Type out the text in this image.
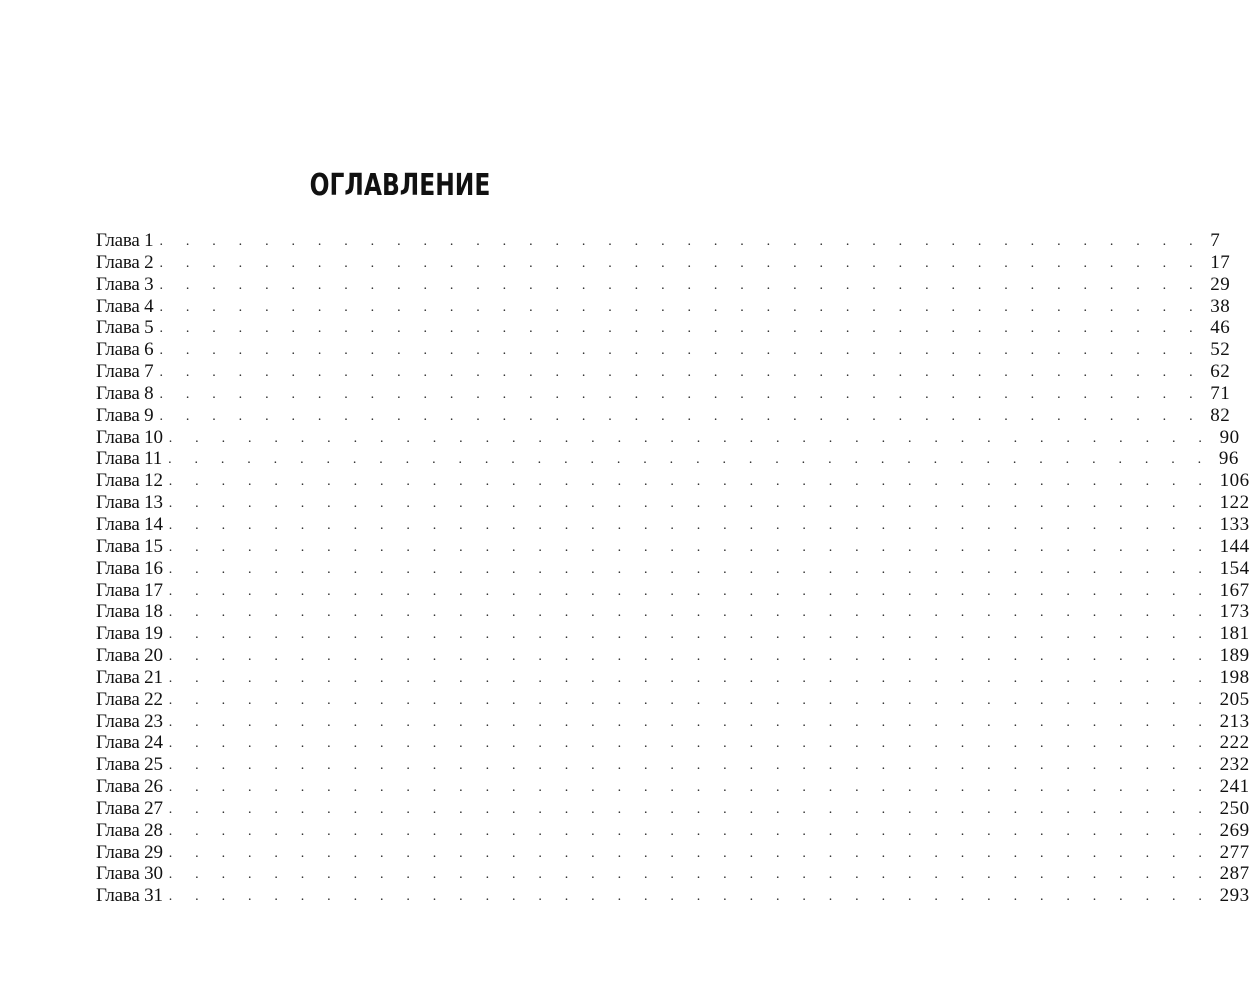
ОГЛАВЛЕНИЕ
Глава 1 . . . . . . . . . . . . . . . . . . . . . . . . . . . . . . . . . . . . . . . . 7
Глава 2 . . . . . . . . . . . . . . . . . . . . . . . . . . . . . . . . . . . . . . . . 17
Глава 3 . . . . . . . . . . . . . . . . . . . . . . . . . . . . . . . . . . . . . . . . 29
Глава 4 . . . . . . . . . . . . . . . . . . . . . . . . . . . . . . . . . . . . . . . . 38
Глава 5 . . . . . . . . . . . . . . . . . . . . . . . . . . . . . . . . . . . . . . . . 46
Глава 6 . . . . . . . . . . . . . . . . . . . . . . . . . . . . . . . . . . . . . . . . 52
Глава 7 . . . . . . . . . . . . . . . . . . . . . . . . . . . . . . . . . . . . . . . . 62
Глава 8 . . . . . . . . . . . . . . . . . . . . . . . . . . . . . . . . . . . . . . . . 71
Глава 9 . . . . . . . . . . . . . . . . . . . . . . . . . . . . . . . . . . . . . . . . 82
Глава 10 . . . . . . . . . . . . . . . . . . . . . . . . . . . . . . . . . . . . . . . . 90
Глава 11 . . . . . . . . . . . . . . . . . . . . . . . . . . . . . . . . . . . . . . . . 96
Глава 12 . . . . . . . . . . . . . . . . . . . . . . . . . . . . . . . . . . . . . . . . 106
Глава 13 . . . . . . . . . . . . . . . . . . . . . . . . . . . . . . . . . . . . . . . . 122
Глава 14 . . . . . . . . . . . . . . . . . . . . . . . . . . . . . . . . . . . . . . . . 133
Глава 15 . . . . . . . . . . . . . . . . . . . . . . . . . . . . . . . . . . . . . . . . 144
Глава 16 . . . . . . . . . . . . . . . . . . . . . . . . . . . . . . . . . . . . . . . . 154
Глава 17 . . . . . . . . . . . . . . . . . . . . . . . . . . . . . . . . . . . . . . . . 167
Глава 18 . . . . . . . . . . . . . . . . . . . . . . . . . . . . . . . . . . . . . . . . 173
Глава 19 . . . . . . . . . . . . . . . . . . . . . . . . . . . . . . . . . . . . . . . . 181
Глава 20 . . . . . . . . . . . . . . . . . . . . . . . . . . . . . . . . . . . . . . . . 189
Глава 21 . . . . . . . . . . . . . . . . . . . . . . . . . . . . . . . . . . . . . . . . 198
Глава 22 . . . . . . . . . . . . . . . . . . . . . . . . . . . . . . . . . . . . . . . . 205
Глава 23 . . . . . . . . . . . . . . . . . . . . . . . . . . . . . . . . . . . . . . . . 213
Глава 24 . . . . . . . . . . . . . . . . . . . . . . . . . . . . . . . . . . . . . . . . 222
Глава 25 . . . . . . . . . . . . . . . . . . . . . . . . . . . . . . . . . . . . . . . . 232
Глава 26 . . . . . . . . . . . . . . . . . . . . . . . . . . . . . . . . . . . . . . . . 241
Глава 27 . . . . . . . . . . . . . . . . . . . . . . . . . . . . . . . . . . . . . . . . 250
Глава 28 . . . . . . . . . . . . . . . . . . . . . . . . . . . . . . . . . . . . . . . . 269
Глава 29 . . . . . . . . . . . . . . . . . . . . . . . . . . . . . . . . . . . . . . . . 277
Глава 30 . . . . . . . . . . . . . . . . . . . . . . . . . . . . . . . . . . . . . . . . 287
Глава 31 . . . . . . . . . . . . . . . . . . . . . . . . . . . . . . . . . . . . . . . . 293
